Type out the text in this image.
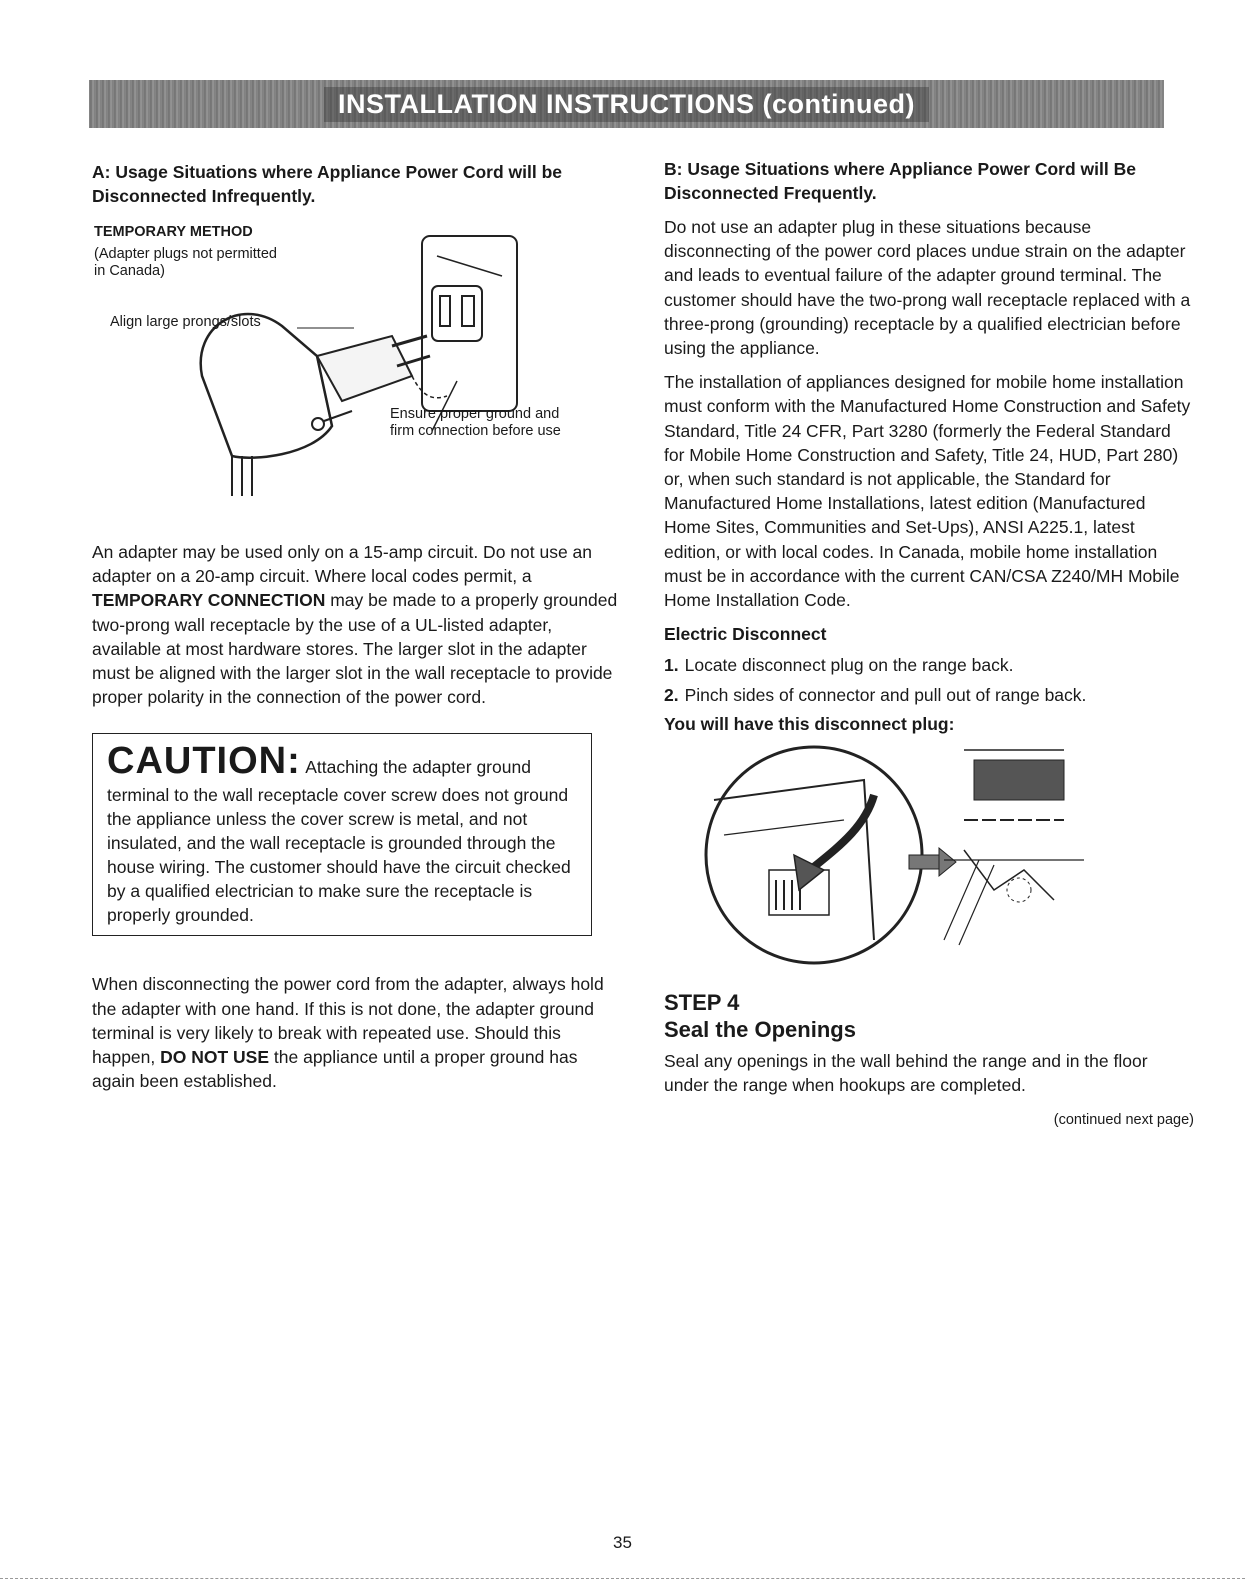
INSTALLATION INSTRUCTIONS (continued)

A: Usage Situations where Appliance Power Cord will be Disconnected Infrequently.

TEMPORARY METHOD
(Adapter plugs not permitted in Canada)
Align large prongs/slots
Ensure proper ground and firm connection before use

An adapter may be used only on a 15-amp circuit. Do not use an adapter on a 20-amp circuit. Where local codes permit, a TEMPORARY CONNECTION may be made to a properly grounded two-prong wall receptacle by the use of a UL-listed adapter, available at most hardware stores. The larger slot in the adapter must be aligned with the larger slot in the wall receptacle to provide proper polarity in the connection of the power cord.

CAUTION: Attaching the adapter ground
terminal to the wall receptacle cover screw does not ground the appliance unless the cover screw is metal, and not insulated, and the wall receptacle is grounded through the house wiring. The customer should have the circuit checked by a qualified electrician to make sure the receptacle is properly grounded.

When disconnecting the power cord from the adapter, always hold the adapter with one hand. If this is not done, the adapter ground terminal is very likely to break with repeated use. Should this happen, DO NOT USE the appliance until a proper ground has again been established.

B: Usage Situations where Appliance Power Cord will Be Disconnected Frequently.

Do not use an adapter plug in these situations because disconnecting of the power cord places undue strain on the adapter and leads to eventual failure of the adapter ground terminal. The customer should have the two-prong wall receptacle replaced with a three-prong (grounding) receptacle by a qualified electrician before using the appliance.

The installation of appliances designed for mobile home installation must conform with the Manufactured Home Construction and Safety Standard, Title 24 CFR, Part 3280 (formerly the Federal Standard for Mobile Home Construction and Safety, Title 24, HUD, Part 280) or, when such standard is not applicable, the Standard for Manufactured Home Installations, latest edition (Manufactured Home Sites, Communities and Set-Ups), ANSI A225.1, latest edition, or with local codes. In Canada, mobile home installation must be in accordance with the current CAN/CSA Z240/MH Mobile Home Installation Code.

Electric Disconnect

1. Locate disconnect plug on the range back.
2. Pinch sides of connector and pull out of range back.

You will have this disconnect plug:

STEP 4
Seal the Openings

Seal any openings in the wall behind the range and in the floor under the range when hookups are completed.

(continued next page)
35
